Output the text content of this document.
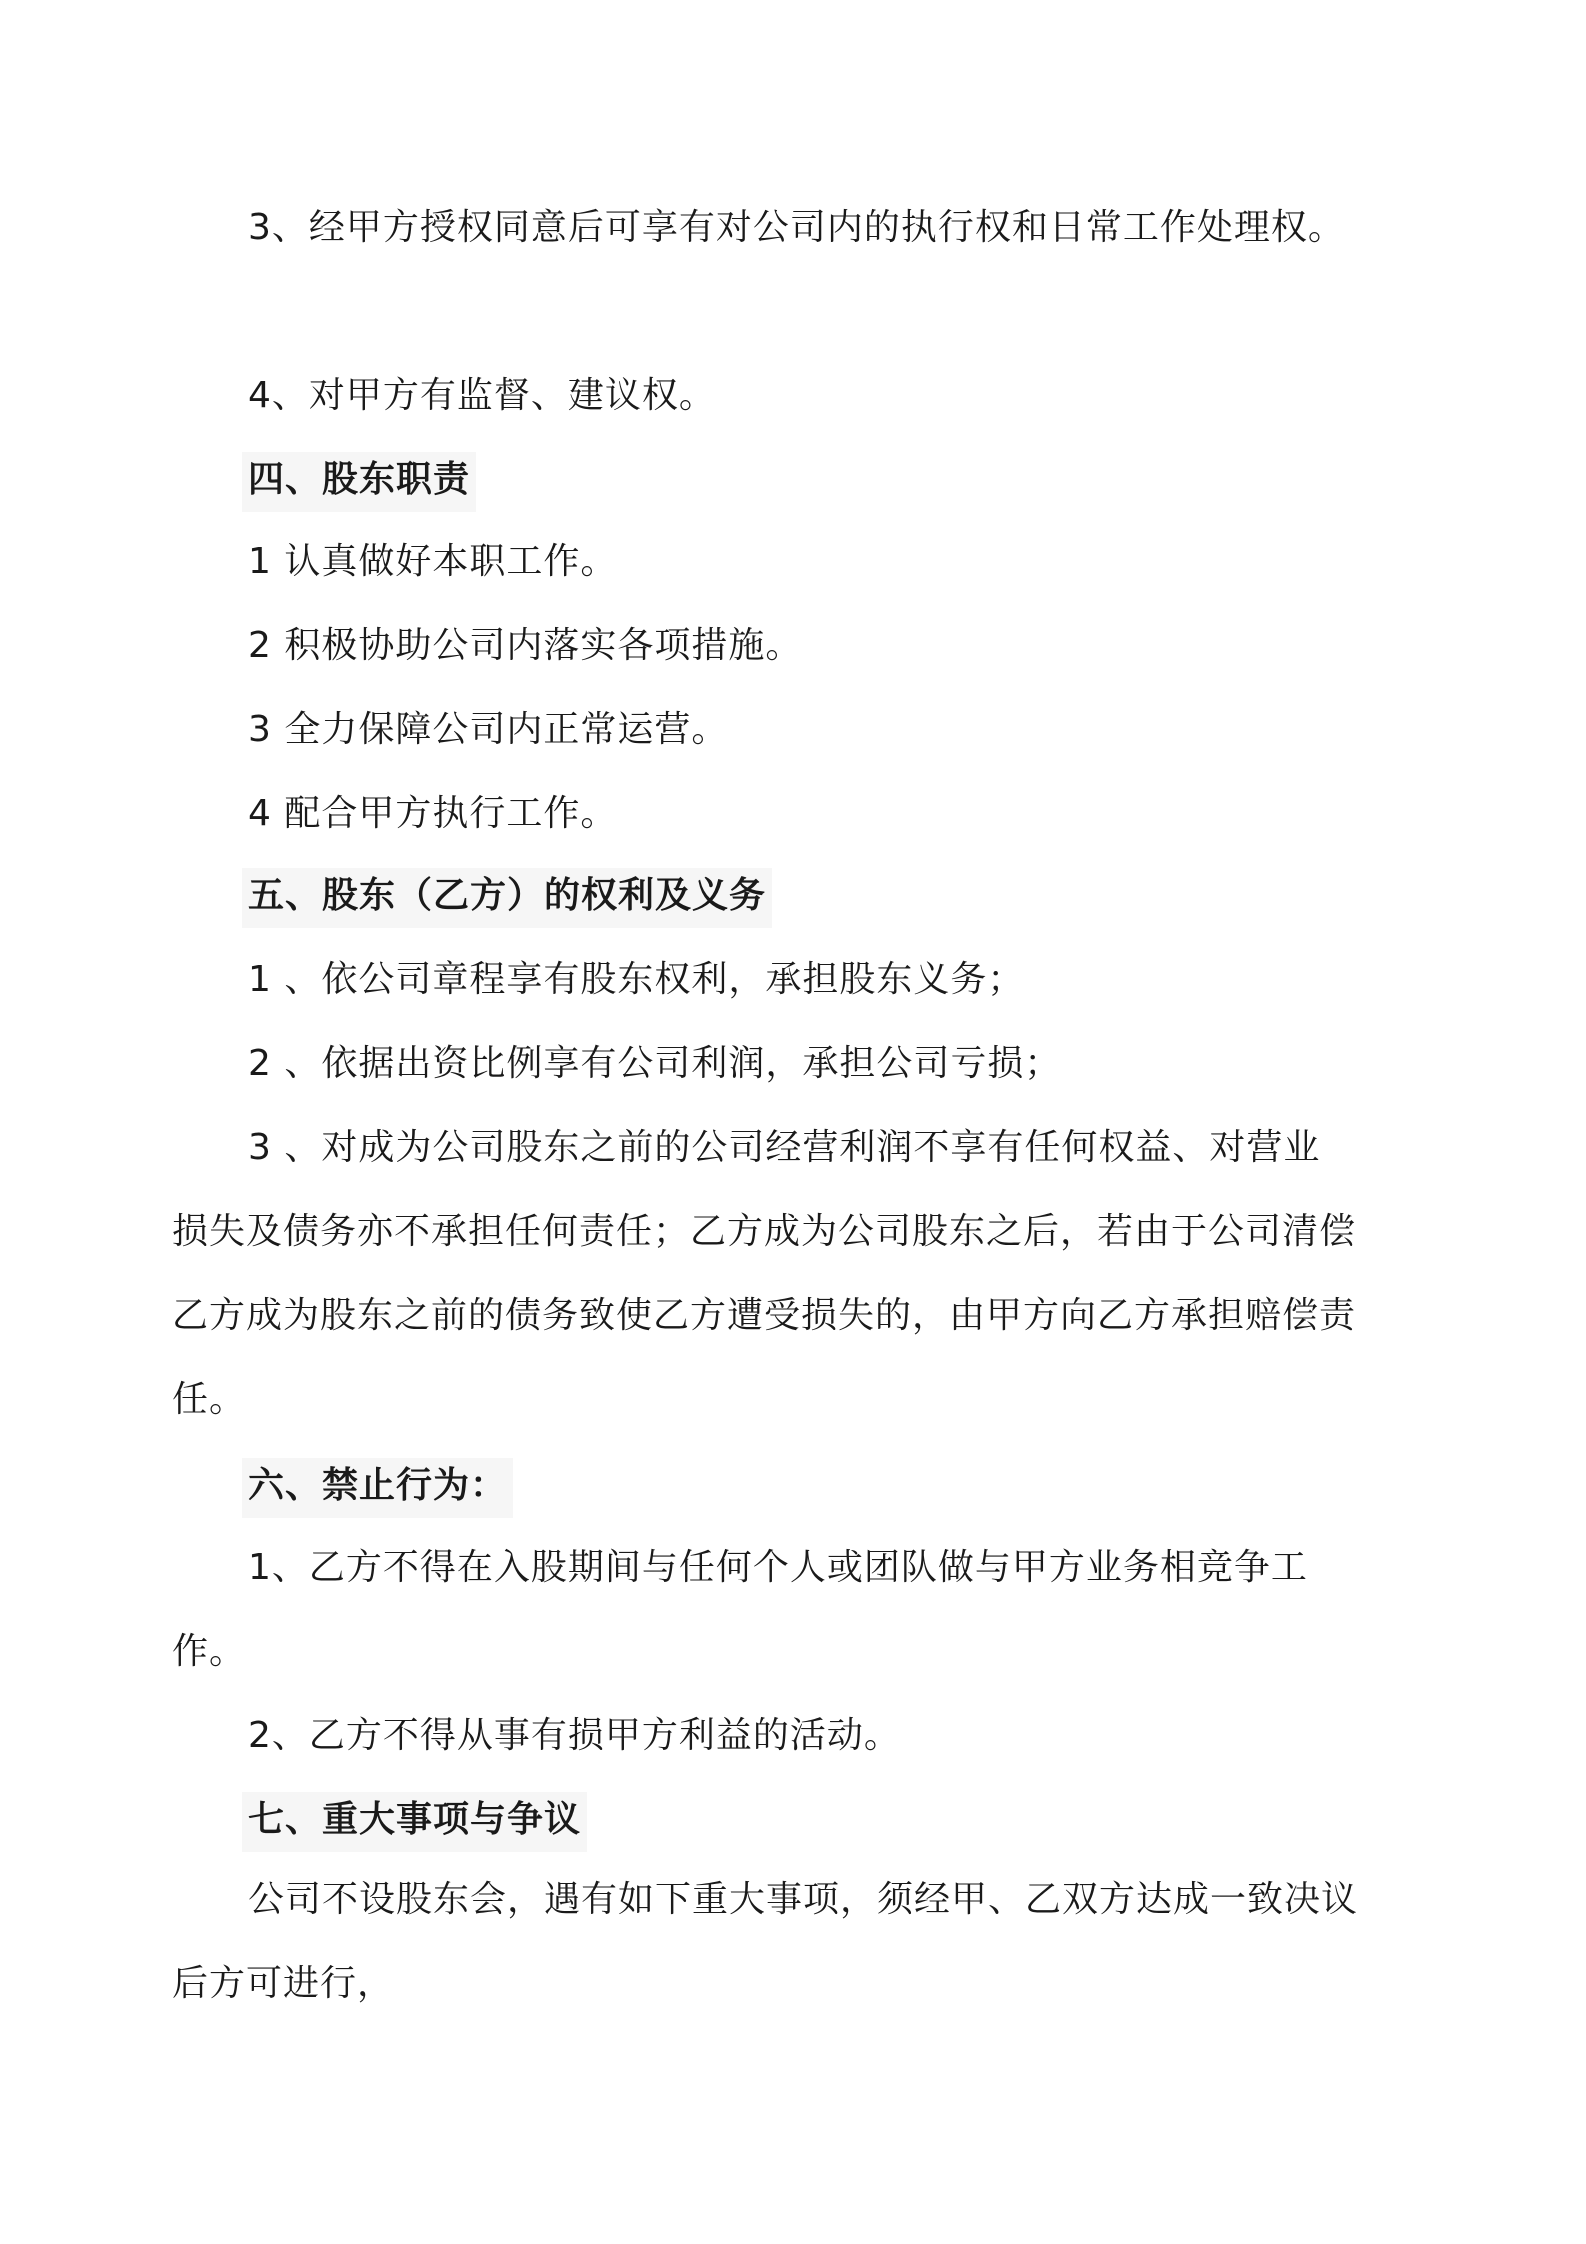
3、经甲方授权同意后可享有对公司内的执行权和日常工作处理权。
4、对甲方有监督、建议权。
四、股东职责
1 认真做好本职工作。
2 积极协助公司内落实各项措施。
3 全力保障公司内正常运营。
4 配合甲方执行工作。
五、股东（乙方）的权利及义务
1 、依公司章程享有股东权利，承担股东义务；
2 、依据出资比例享有公司利润，承担公司亏损；
3 、对成为公司股东之前的公司经营利润不享有任何权益、对营业
损失及债务亦不承担任何责任；乙方成为公司股东之后，若由于公司清偿
乙方成为股东之前的债务致使乙方遭受损失的，由甲方向乙方承担赔偿责
任。
六、禁止行为：
1、乙方不得在入股期间与任何个人或团队做与甲方业务相竞争工
作。
2、乙方不得从事有损甲方利益的活动。
七、重大事项与争议
公司不设股东会，遇有如下重大事项，须经甲、乙双方达成一致决议
后方可进行，
